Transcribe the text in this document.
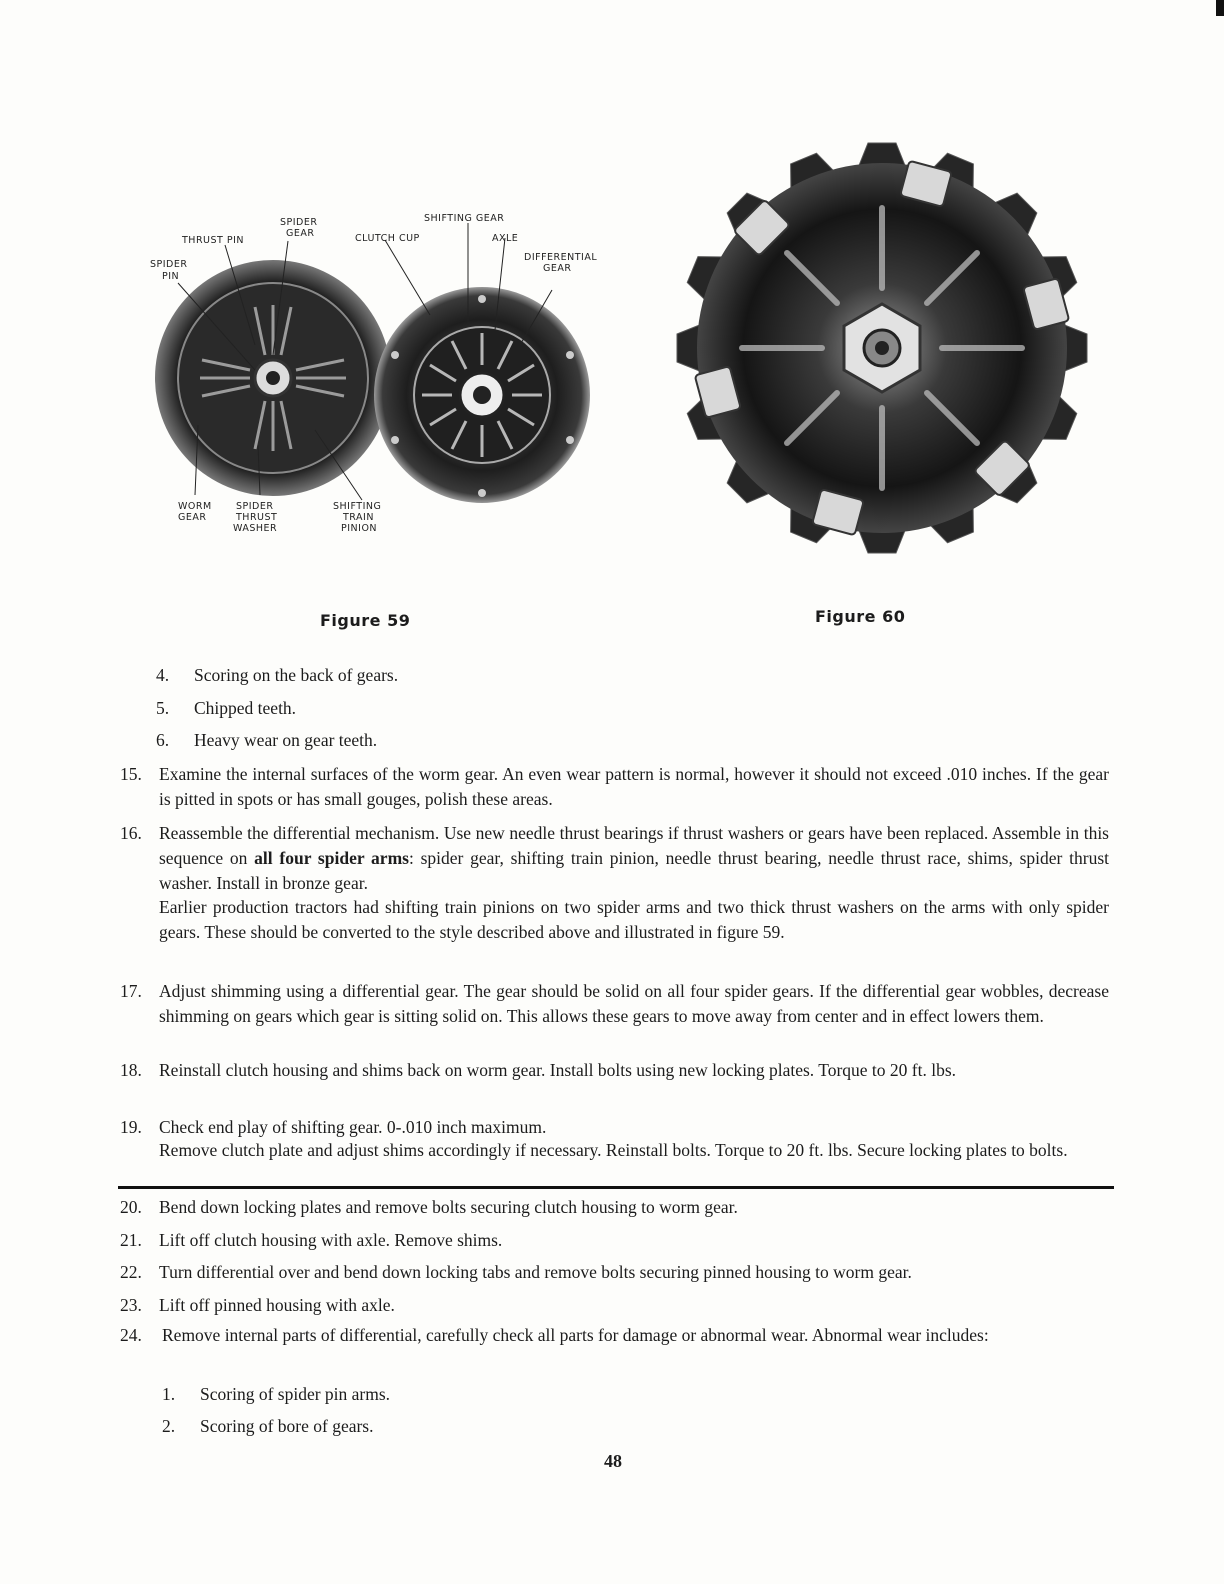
SPIDER
GEAR
THRUST PIN
SHIFTING GEAR
CLUTCH CUP	AXLE
SPIDER
PIN
DIFFERENTIAL
GEAR
WORM
GEAR
SPIDER
THRUST
WASHER
SHIFTING
TRAIN
PINION
Figure 59	Figure 60
4. Scoring on the back of gears.
5. Chipped teeth.
6. Heavy wear on gear teeth.
15. Examine the internal surfaces of the worm gear. An even wear pattern is normal, however it should not exceed .010 inches. If the gear is pitted in spots or has small gouges, polish these areas.
16. Reassemble the differential mechanism. Use new needle thrust bearings if thrust washers or gears have been replaced. Assemble in this sequence on all four spider arms: spider gear, shifting train pinion, needle thrust bearing, needle thrust race, shims, spider thrust washer. Install in bronze gear.
Earlier production tractors had shifting train pinions on two spider arms and two thick thrust washers on the arms with only spider gears. These should be converted to the style described above and illustrated in figure 59.
17. Adjust shimming using a differential gear. The gear should be solid on all four spider gears. If the differential gear wobbles, decrease shimming on gears which gear is sitting solid on. This allows these gears to move away from center and in effect lowers them.
18. Reinstall clutch housing and shims back on worm gear. Install bolts using new locking plates. Torque to 20 ft. lbs.
19. Check end play of shifting gear. 0-.010 inch maximum.
Remove clutch plate and adjust shims accordingly if necessary. Reinstall bolts. Torque to 20 ft. lbs. Secure locking plates to bolts.
20. Bend down locking plates and remove bolts securing clutch housing to worm gear.
21. Lift off clutch housing with axle. Remove shims.
22. Turn differential over and bend down locking tabs and remove bolts securing pinned housing to worm gear.
23. Lift off pinned housing with axle.
24. Remove internal parts of differential, carefully check all parts for damage or abnormal wear. Abnormal wear includes:
1. Scoring of spider pin arms.
2. Scoring of bore of gears.
48
